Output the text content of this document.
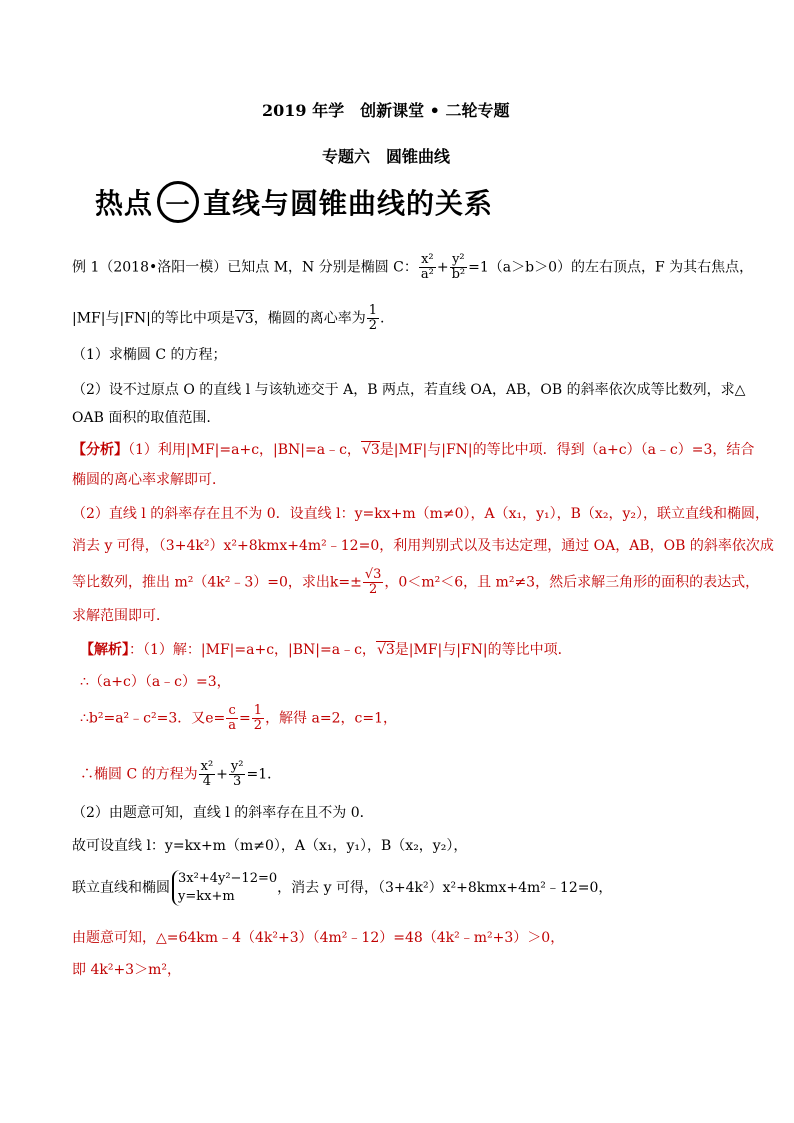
2019 年学　创新课堂 • 二轮专题
专题六　圆锥曲线
热点 一 直线与圆锥曲线的关系
例 1（2018•洛阳一模）已知点 M，N 分别是椭圆 C： $\frac{\text{x²}}{\text{a²}} + \frac{\text{y²}}{\text{b²}} =1(a>b>0)$的左右顶点，F 为其右焦点，
|MF|与|FN|的等比中项是√3，椭圆的离心率为 $\frac{1}{2}$ .
（1）求椭圆 C 的方程；
（2）设不过原点 O 的直线 l 与该轨迹交于 A，B 两点，若直线 OA，AB，OB 的斜率依次成等比数列，求△
OAB 面积的取值范围.
【分析】（1）利用|MF|=a+c，|BN|=a﹣c，√3是|MF|与|FN|的等比中项．得到（a+c）（a﹣c）=3，结合
椭圆的离心率求解即可．
（2）直线 l 的斜率存在且不为 0．设直线 l：y=kx+m（m≠0），A（x₁，y₁），B（x₂，y₂），联立直线和椭圆，
消去 y 可得，（3+4k²）x²+8kmx+4m²﹣12=0，利用判别式以及韦达定理，通过 OA，AB，OB 的斜率依次成
等比数列，推出 m²（4k²﹣3）=0，求出$k=\pm \frac{√3}{2}$ ，0＜m²＜6，且 m²≠3，然后求解三角形的面积的表达式，
求解范围即可．
【解析】：（1）解：|MF|=a+c，|BN|=a﹣c，√3是|MF|与|FN|的等比中项．
∴（a+c）（a﹣c）=3，
∴b²=a²﹣c²=3．又$e= \frac{c}{a} = \frac{1}{2}$ ，解得 a=2，c=1，
∴椭圆 C 的方程为 $\frac{\text{x²}}{4} + \frac{\text{y²}}{3} =1$．
（2）由题意可知，直线 l 的斜率存在且不为 0．
故可设直线 l：y=kx+m（m≠0），A（x₁，y₁），B（x₂，y₂），
联立直线和椭圆
3x²+4y²−12=0
y=kx+m
，消去 y 可得，（3+4k²）x²+8kmx+4m²﹣12=0，
由题意可知，△=64km﹣4（4k²+3）（4m²﹣12）=48（4k²﹣m²+3）＞0，
即 4k²+3＞m²，
